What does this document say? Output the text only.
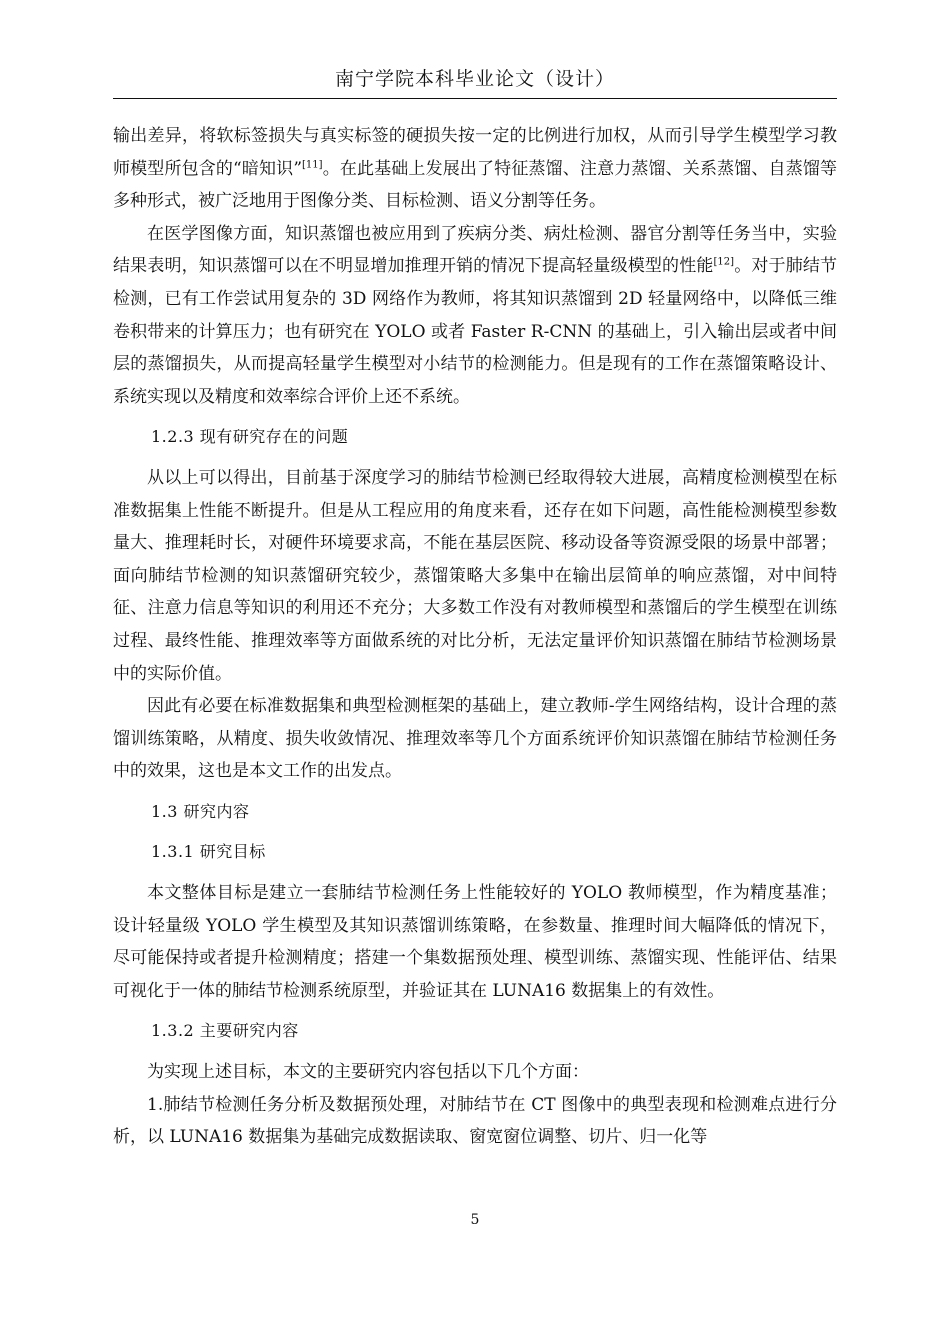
南宁学院本科毕业论文（设计）

输出差异，将软标签损失与真实标签的硬损失按一定的比例进行加权，从而引导学生模型学习教师模型所包含的“暗知识”[11]。在此基础上发展出了特征蒸馏、注意力蒸馏、关系蒸馏、自蒸馏等多种形式，被广泛地用于图像分类、目标检测、语义分割等任务。

在医学图像方面，知识蒸馏也被应用到了疾病分类、病灶检测、器官分割等任务当中，实验结果表明，知识蒸馏可以在不明显增加推理开销的情况下提高轻量级模型的性能[12]。对于肺结节检测，已有工作尝试用复杂的 3D 网络作为教师，将其知识蒸馏到 2D 轻量网络中，以降低三维卷积带来的计算压力；也有研究在 YOLO 或者 Faster R-CNN 的基础上，引入输出层或者中间层的蒸馏损失，从而提高轻量学生模型对小结节的检测能力。但是现有的工作在蒸馏策略设计、系统实现以及精度和效率综合评价上还不系统。

1.2.3 现有研究存在的问题

从以上可以得出，目前基于深度学习的肺结节检测已经取得较大进展，高精度检测模型在标准数据集上性能不断提升。但是从工程应用的角度来看，还存在如下问题，高性能检测模型参数量大、推理耗时长，对硬件环境要求高，不能在基层医院、移动设备等资源受限的场景中部署；面向肺结节检测的知识蒸馏研究较少，蒸馏策略大多集中在输出层简单的响应蒸馏，对中间特征、注意力信息等知识的利用还不充分；大多数工作没有对教师模型和蒸馏后的学生模型在训练过程、最终性能、推理效率等方面做系统的对比分析，无法定量评价知识蒸馏在肺结节检测场景中的实际价值。

因此有必要在标准数据集和典型检测框架的基础上，建立教师-学生网络结构，设计合理的蒸馏训练策略，从精度、损失收敛情况、推理效率等几个方面系统评价知识蒸馏在肺结节检测任务中的效果，这也是本文工作的出发点。

1.3 研究内容
1.3.1 研究目标

本文整体目标是建立一套肺结节检测任务上性能较好的 YOLO 教师模型，作为精度基准；设计轻量级 YOLO 学生模型及其知识蒸馏训练策略，在参数量、推理时间大幅降低的情况下，尽可能保持或者提升检测精度；搭建一个集数据预处理、模型训练、蒸馏实现、性能评估、结果可视化于一体的肺结节检测系统原型，并验证其在 LUNA16 数据集上的有效性。

1.3.2 主要研究内容

为实现上述目标，本文的主要研究内容包括以下几个方面：

1.肺结节检测任务分析及数据预处理，对肺结节在 CT 图像中的典型表现和检测难点进行分析，以 LUNA16 数据集为基础完成数据读取、窗宽窗位调整、切片、归一化等

5
